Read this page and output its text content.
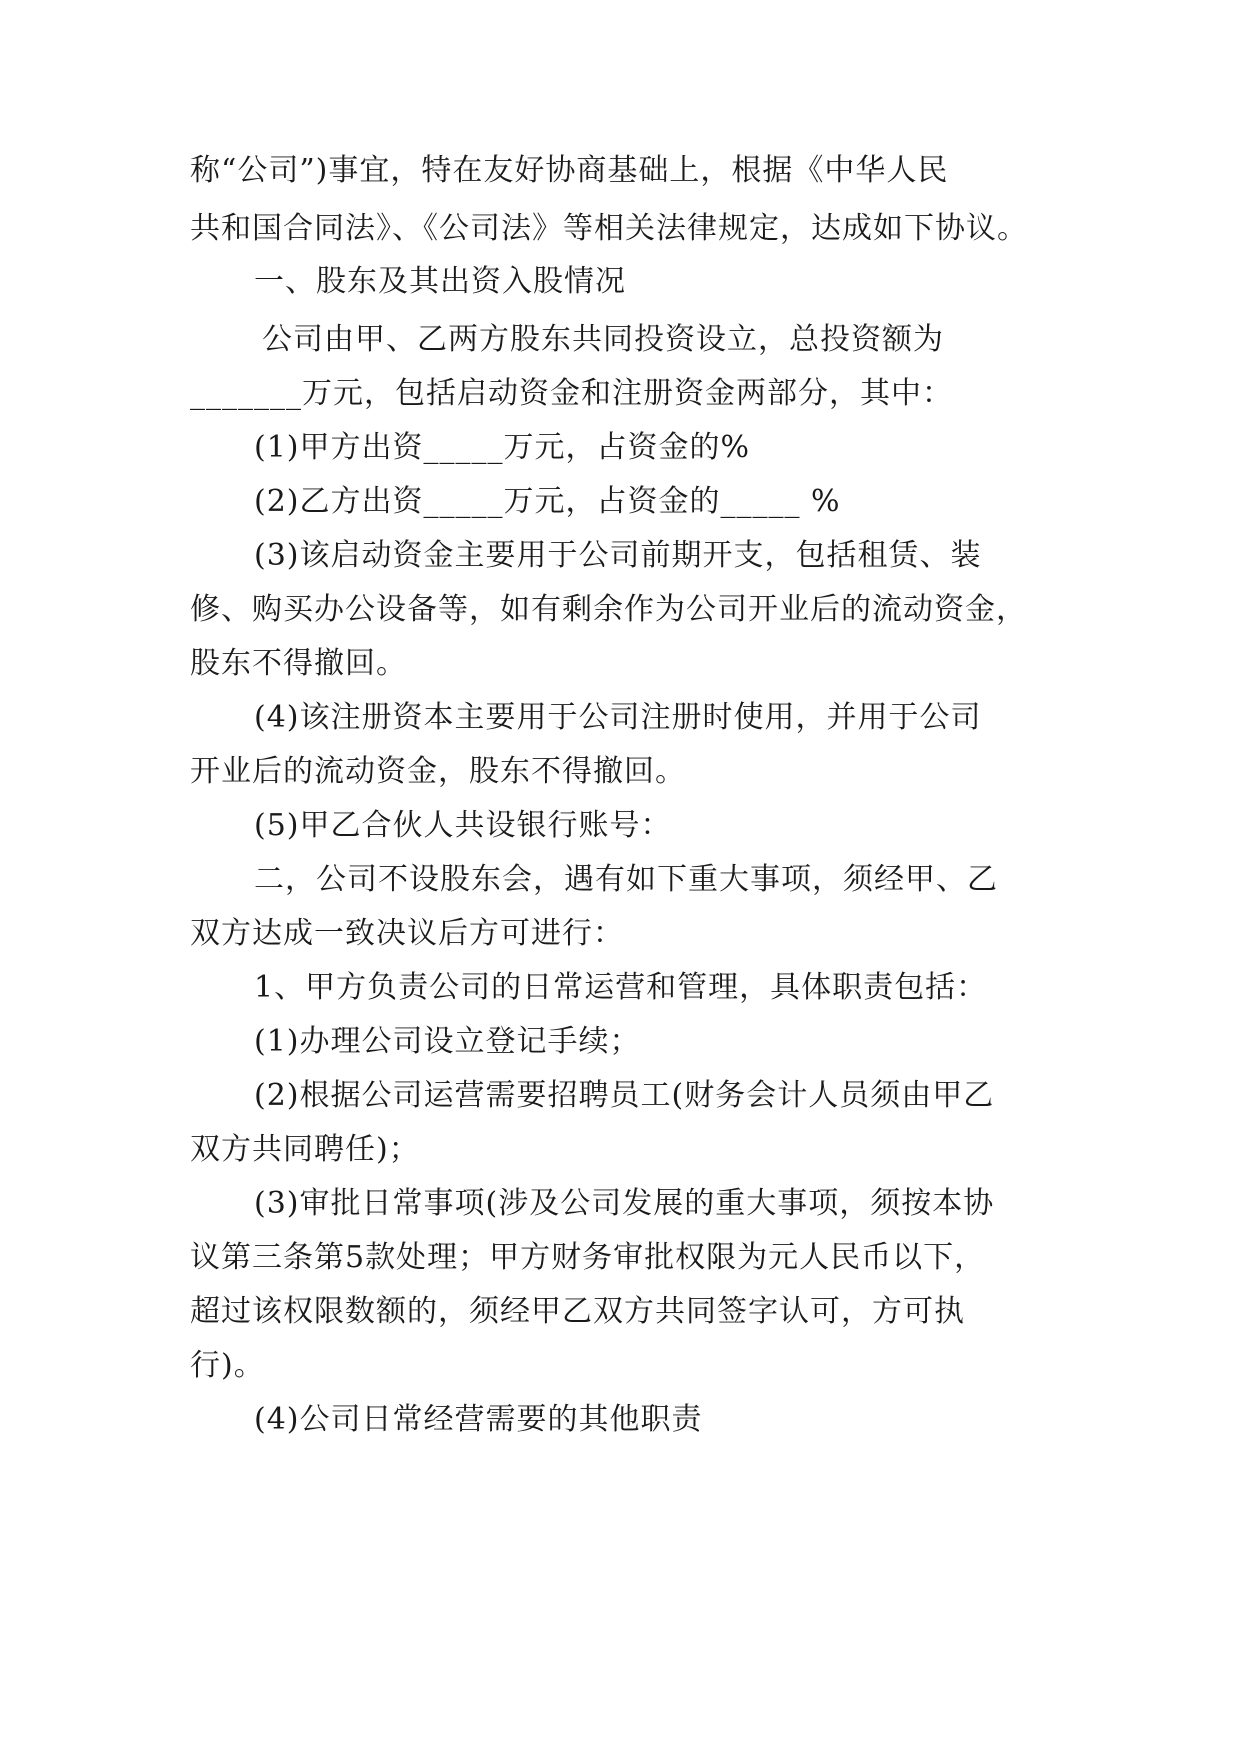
称“公司”)事宜，特在友好协商基础上，根据《中华人民
共和国合同法》、《公司法》等相关法律规定，达成如下协议。
一、股东及其出资入股情况
公司由甲、乙两方股东共同投资设立，总投资额为
_______万元，包括启动资金和注册资金两部分，其中：
(1)甲方出资_____万元，占资金的%
(2)乙方出资_____万元，占资金的_____ %
(3)该启动资金主要用于公司前期开支，包括租赁、装
修、购买办公设备等，如有剩余作为公司开业后的流动资金，
股东不得撤回。
(4)该注册资本主要用于公司注册时使用，并用于公司
开业后的流动资金，股东不得撤回。
(5)甲乙合伙人共设银行账号：
二，公司不设股东会，遇有如下重大事项，须经甲、乙
双方达成一致决议后方可进行：
1、甲方负责公司的日常运营和管理，具体职责包括：
(1)办理公司设立登记手续；
(2)根据公司运营需要招聘员工(财务会计人员须由甲乙
双方共同聘任)；
(3)审批日常事项(涉及公司发展的重大事项，须按本协
议第三条第5款处理；甲方财务审批权限为元人民币以下，
超过该权限数额的，须经甲乙双方共同签字认可，方可执
行)。
(4)公司日常经营需要的其他职责
